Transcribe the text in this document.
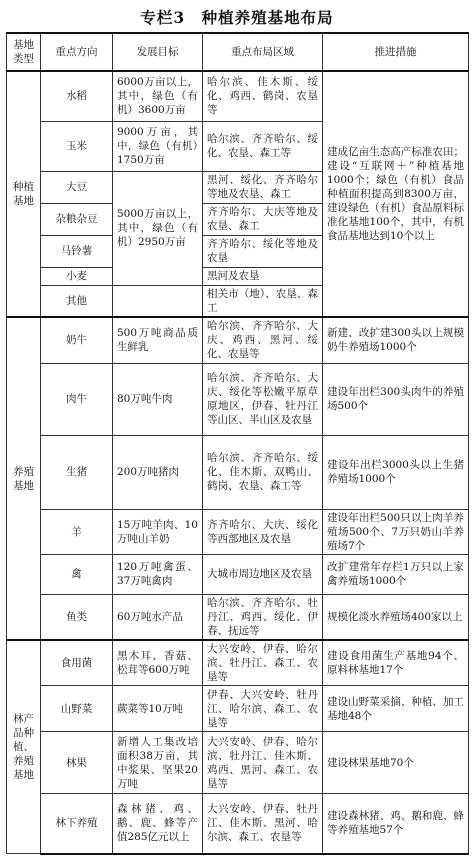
专栏3　种植养殖基地布局
基地类型	重点方向	发展目标	重点布局区域	推进措施
种植基地	水稻	6000万亩以上，其中，绿色（有机）3600万亩	哈尔滨、佳木斯、绥化、鸡西、鹤岗、农垦等	建成亿亩生态高产标准农田；建设“互联网＋”种植基地1000个；绿色（有机）食品种植面积提高到8300万亩，建设绿色（有机）食品原料标准化基地100个，其中，有机食品基地达到10个以上
	玉米	9000万亩，其中，绿色（有机）1750万亩	哈尔滨、齐齐哈尔、绥化、农垦、森工等	
	大豆	5000万亩以上，其中，绿色（有机）2950万亩	黑河、绥化、齐齐哈尔等地及农垦、森工	
	杂粮杂豆		齐齐哈尔、大庆等地及农垦、森工	
	马铃薯		齐齐哈尔、绥化等地及农垦	
	小麦		黑河及农垦	
	其他		相关市（地）、农垦、森工	
养殖基地	奶牛	500万吨商品质生鲜乳	哈尔滨、齐齐哈尔、大庆、鸡西、黑河、绥化、农垦等	新建、改扩建300头以上规模奶牛养殖场1000个
	肉牛	80万吨牛肉	哈尔滨、齐齐哈尔、大庆、绥化等松嫩平原草原地区，伊春、牡丹江等山区、半山区及农垦	建设年出栏300头肉牛的养殖场500个
	生猪	200万吨猪肉	哈尔滨、齐齐哈尔、绥化、佳木斯、双鸭山、鹤岗、农垦、森工等	建设年出栏3000头以上生猪养殖场1000个
	羊	15万吨羊肉、10万吨山羊奶	齐齐哈尔、大庆、绥化等西部地区及农垦	建设年出栏500只以上肉羊养殖场500个、7万只奶山羊养殖场7个
	禽	120万吨禽蛋、37万吨禽肉	大城市周边地区及农垦	改扩建常年存栏1万只以上家禽养殖场1000个
	鱼类	60万吨水产品	哈尔滨、齐齐哈尔、牡丹江、鸡西、绥化、伊春、抚远等	规模化淡水养殖场400家以上
林产品种植、养殖基地	食用菌	黑木耳、香菇、松茸等600万吨	大兴安岭、伊春、哈尔滨、牡丹江、森工、农垦等	建设食用菌生产基地94个、原料林基地17个
	山野菜	蕨菜等10万吨	伊春、大兴安岭、牡丹江、哈尔滨、森工、农垦等	建设山野菜采摘、种植、加工基地48个
	林果	新增人工集改培面积38万亩，其中浆果、坚果20万吨	大兴安岭、伊春、哈尔滨、牡丹江、佳木斯、鸡西、黑河、森工、农垦等	建设林果基地70个
	林下养殖	森林猪、鸡、鹅、鹿、蜂等产值285亿元以上	大兴安岭、伊春、牡丹江、佳木斯、黑河、哈尔滨、森工、农垦等	建设森林猪、鸡、鹅和鹿、蜂等养殖基地57个
